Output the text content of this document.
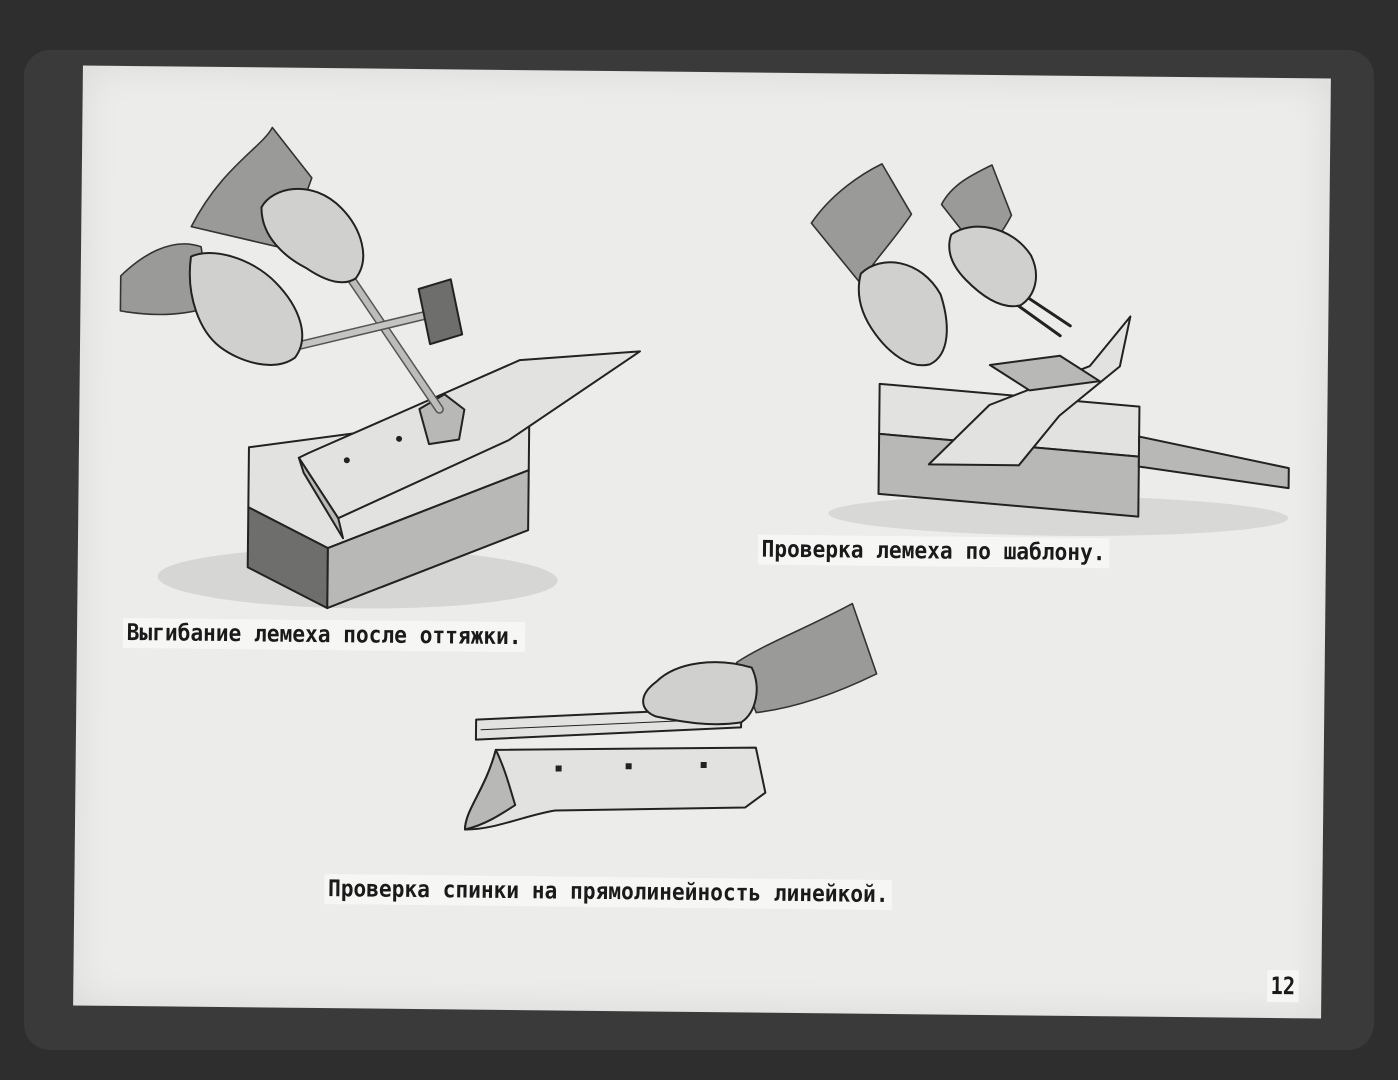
Выгибание лемеха после оттяжки.
Проверка лемеха по шаблону.
Проверка спинки на прямолинейность линейкой.
12
